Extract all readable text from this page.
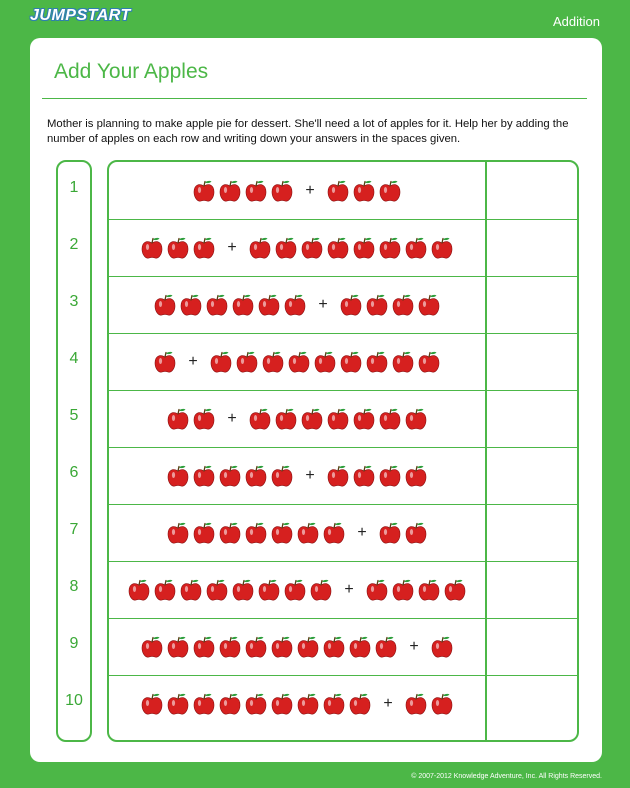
JUMPSTART	Addition
Add Your Apples

Mother is planning to make apple pie for dessert. She'll need a lot of apples for it. Help her by adding the number of apples on each row and writing down your answers in the spaces given.

1
2
3
4
5
6
7
8
9
10
+
+
+
+
+
+
+
+
+
+
© 2007-2012 Knowledge Adventure, Inc. All Rights Reserved.
